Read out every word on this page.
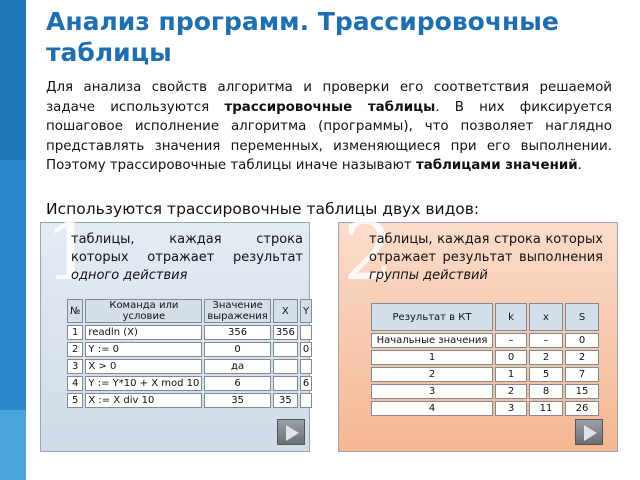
Анализ программ. Трассировочные таблицы
Для анализа свойств алгоритма и проверки его соответствия решаемой задаче используются трассировочные таблицы. В них фиксируется пошаговое исполнение алгоритма (программы), что позволяет наглядно представлять значения переменных, изменяющиеся при его выполнении. Поэтому трассировочные таблицы иначе называют таблицами значений.
Используются трассировочные таблицы двух видов:
1
таблицы, каждая строка которых отражает результат одного действия
№	Команда или условие	Значение выражения	X	Y
1	readln (X)	356	356	
2	Y := 0	0		0
3	X > 0	да		
4	Y := Y*10 + X mod 10	6		6
5	X := X div 10	35	35	
2
таблицы, каждая строка которых отражает результат выполнения группы действий
Результат в КТ	k	x	S
Начальные значения	–	–	0
1	0	2	2
2	1	5	7
3	2	8	15
4	3	11	26
